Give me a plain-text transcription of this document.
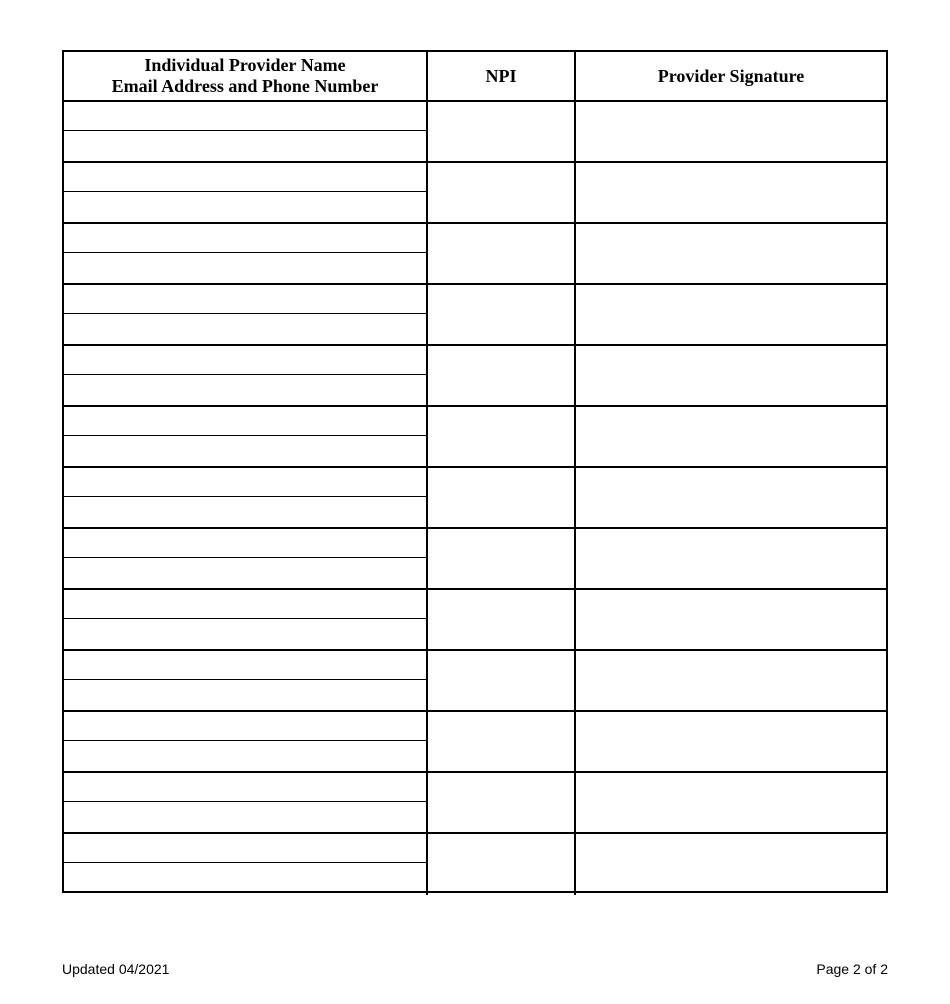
Individual Provider Name
Email Address and Phone Number
NPI	Provider Signature
Updated 04/2021	Page 2 of 2
